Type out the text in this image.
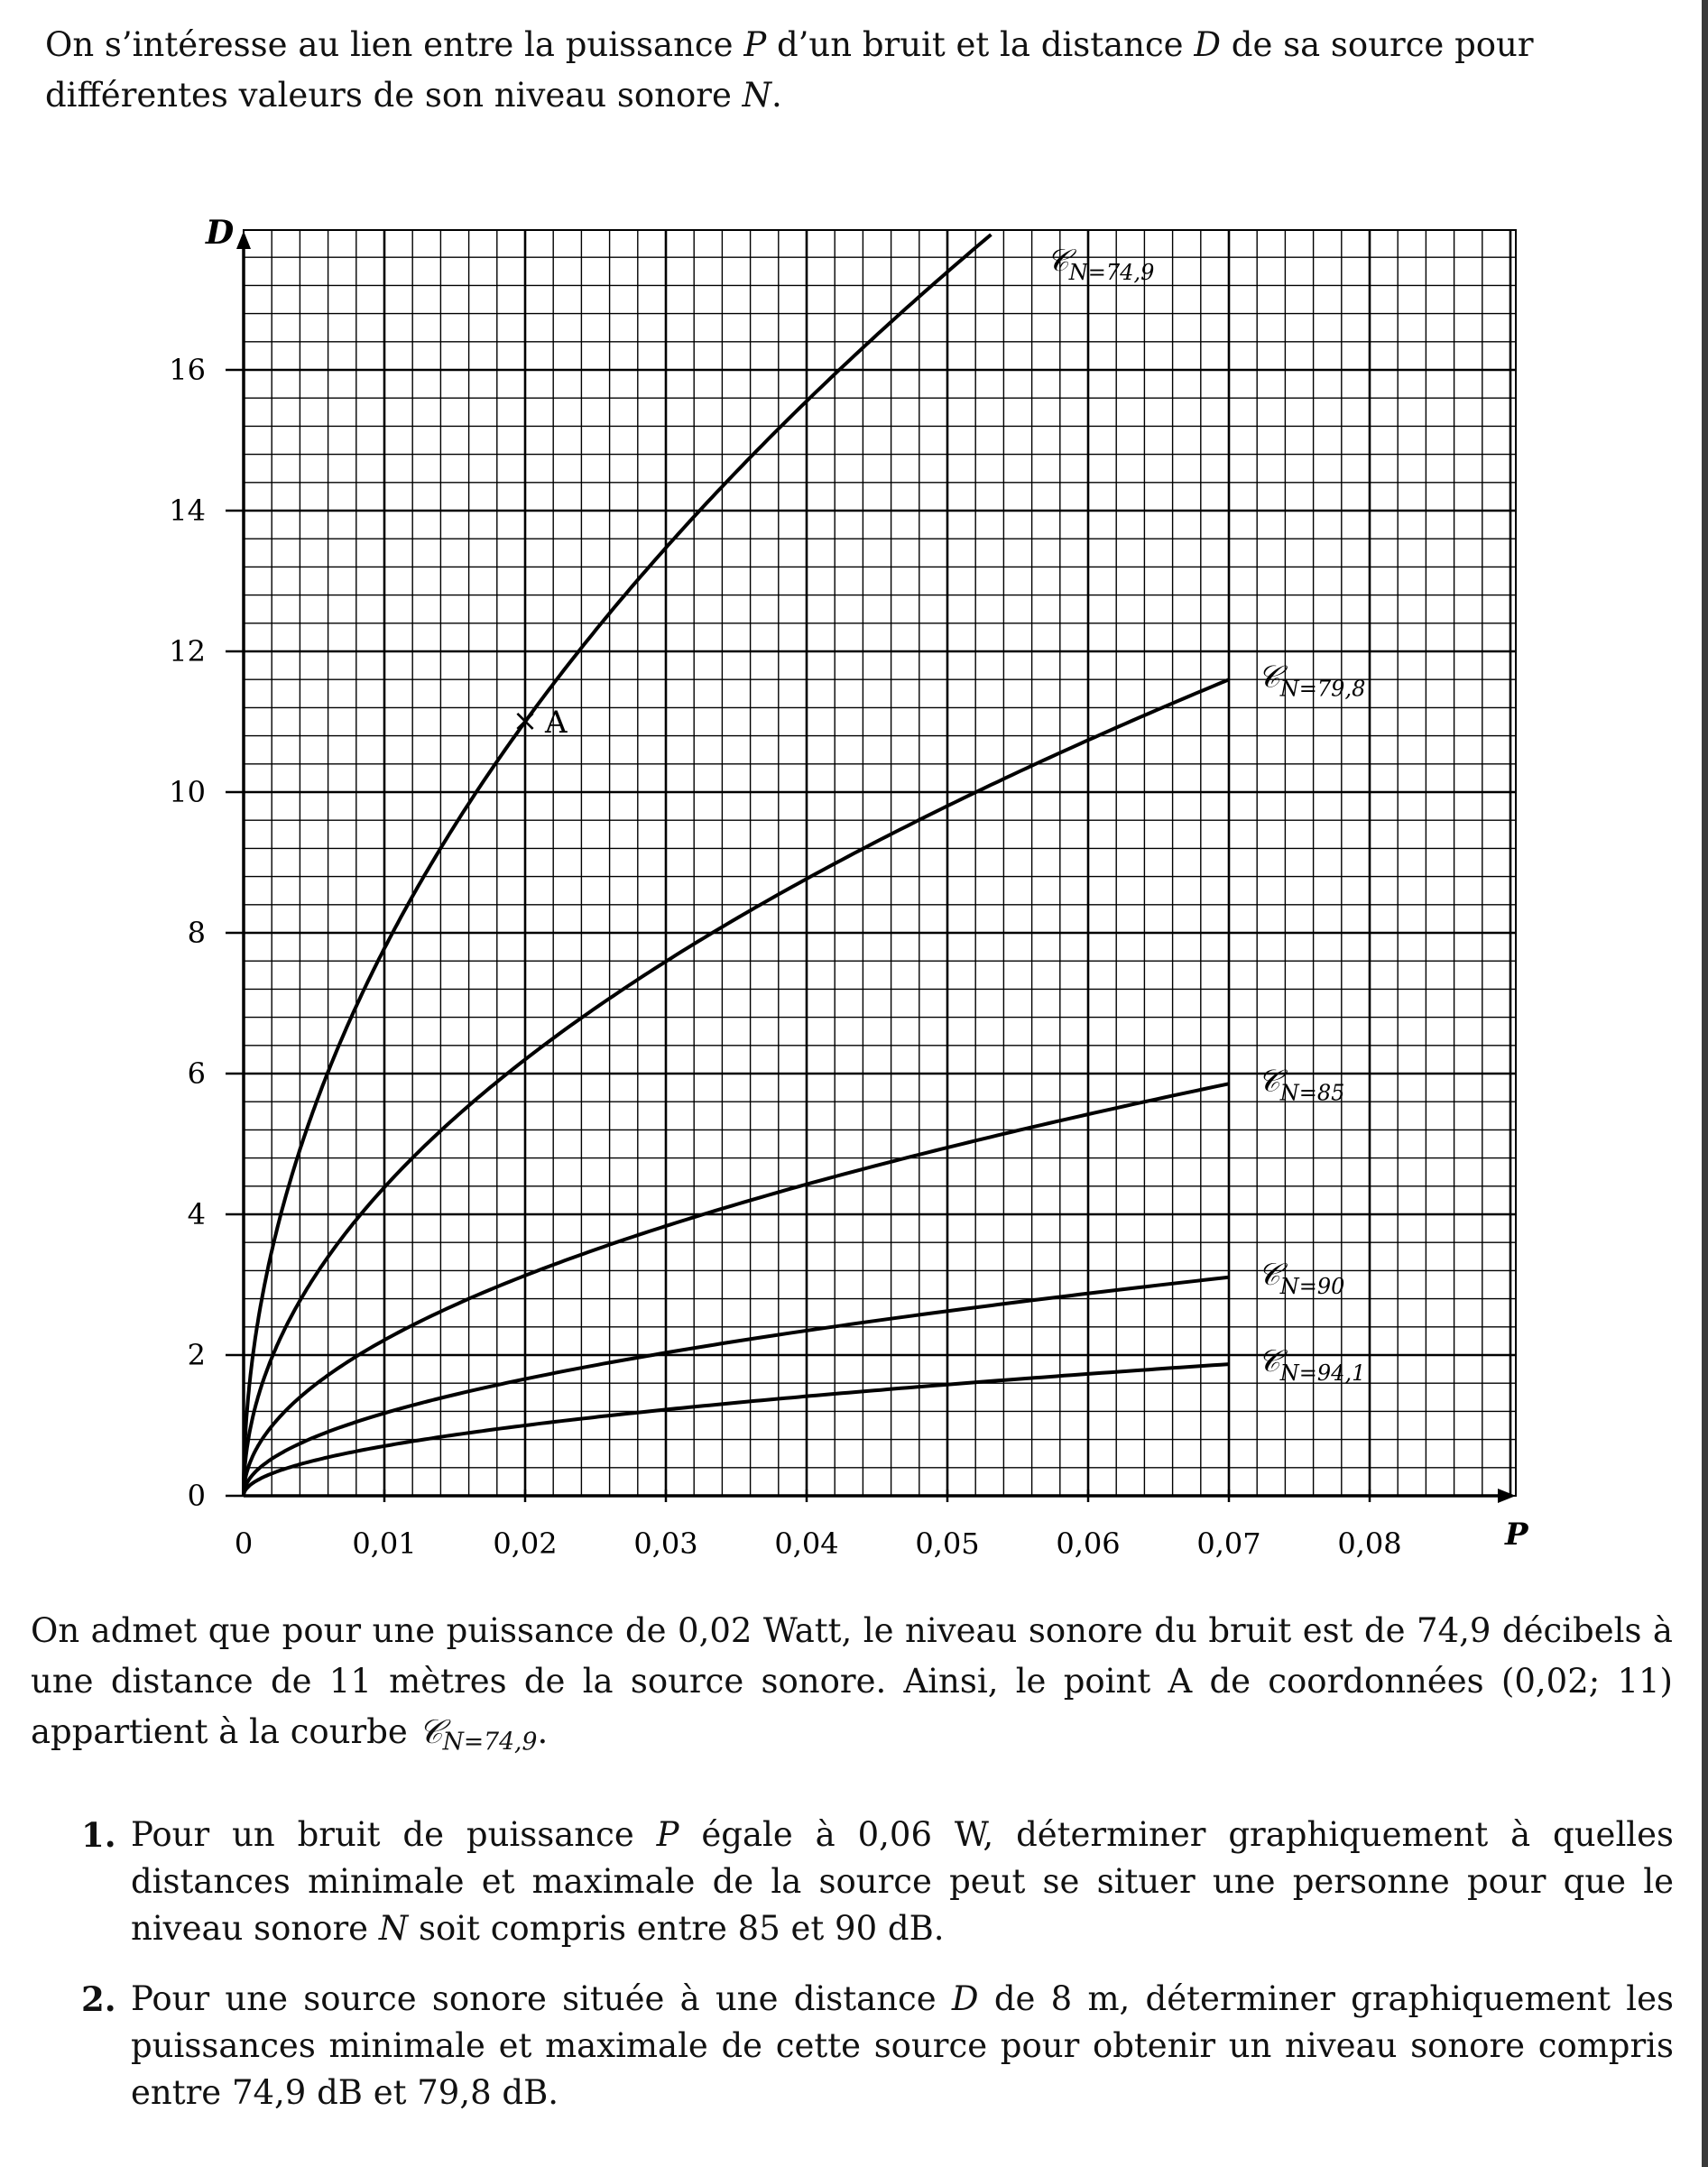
On s’intéresse au lien entre la puissance P d’un bruit et la distance D de sa source pour différentes valeurs de son niveau sonore N.

P
D
0	0,01	0,02	0,03	0,04	0,05	0,06	0,07	0,08
0
2
4
6
8
10
12
14
16
𝒞$_{N=74,9}$
𝒞$_{N=79,8}$
𝒞$_{N=85}$
𝒞$_{N=90}$
𝒞$_{N=94,1}$
× A

On admet que pour une puissance de 0,02 Watt, le niveau sonore du bruit est de 74,9 décibels à une distance de 11 mètres de la source sonore. Ainsi, le point A de coordonnées (0,02; 11) appartient à la courbe 𝒞$_{N=74,9}$.

1. Pour un bruit de puissance P égale à 0,06 W, déterminer graphiquement à quelles distances minimale et maximale de la source peut se situer une personne pour que le niveau sonore N soit compris entre 85 et 90 dB.
2. Pour une source sonore située à une distance D de 8 m, déterminer graphiquement les puissances minimale et maximale de cette source pour obtenir un niveau sonore compris entre 74,9 dB et 79,8 dB.
